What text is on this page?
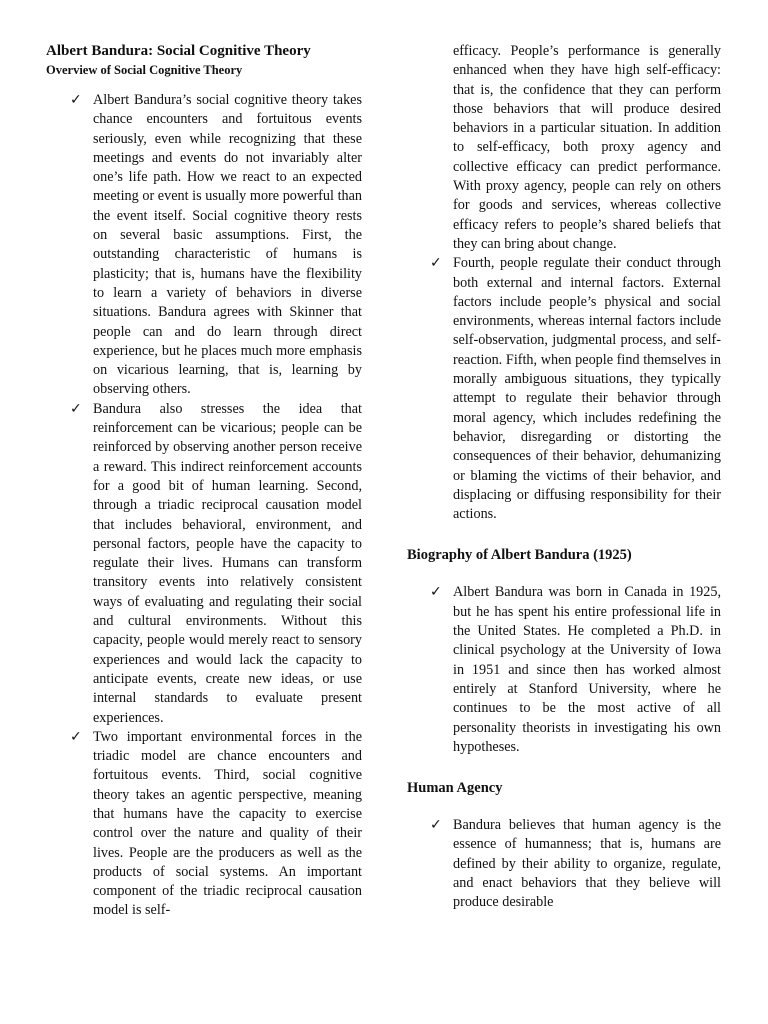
Albert Bandura: Social Cognitive Theory
Overview of Social Cognitive Theory
✓ Albert Bandura’s social cognitive theory takes chance encounters and fortuitous events seriously, even while recognizing that these meetings and events do not invariably alter one’s life path. How we react to an expected meeting or event is usually more powerful than the event itself. Social cognitive theory rests on several basic assumptions. First, the outstanding characteristic of humans is plasticity; that is, humans have the flexibility to learn a variety of behaviors in diverse situations. Bandura agrees with Skinner that people can and do learn through direct experience, but he places much more emphasis on vicarious learning, that is, learning by observing others.
✓ Bandura also stresses the idea that reinforcement can be vicarious; people can be reinforced by observing another person receive a reward. This indirect reinforcement accounts for a good bit of human learning. Second, through a triadic reciprocal causation model that includes behavioral, environment, and personal factors, people have the capacity to regulate their lives. Humans can transform transitory events into relatively consistent ways of evaluating and regulating their social and cultural environments. Without this capacity, people would merely react to sensory experiences and would lack the capacity to anticipate events, create new ideas, or use internal standards to evaluate present experiences.
✓ Two important environmental forces in the triadic model are chance encounters and fortuitous events. Third, social cognitive theory takes an agentic perspective, meaning that humans have the capacity to exercise control over the nature and quality of their lives. People are the producers as well as the products of social systems. An important component of the triadic reciprocal causation model is self-

efficacy. People’s performance is generally enhanced when they have high self-efficacy: that is, the confidence that they can perform those behaviors that will produce desired behaviors in a particular situation. In addition to self-efficacy, both proxy agency and collective efficacy can predict performance. With proxy agency, people can rely on others for goods and services, whereas collective efficacy refers to people’s shared beliefs that they can bring about change.

✓ Fourth, people regulate their conduct through both external and internal factors. External factors include people’s physical and social environments, whereas internal factors include self-observation, judgmental process, and self-reaction. Fifth, when people find themselves in morally ambiguous situations, they typically attempt to regulate their behavior through moral agency, which includes redefining the behavior, disregarding or distorting the consequences of their behavior, dehumanizing or blaming the victims of their behavior, and displacing or diffusing responsibility for their actions.
Biography of Albert Bandura (1925)
✓ Albert Bandura was born in Canada in 1925, but he has spent his entire professional life in the United States. He completed a Ph.D. in clinical psychology at the University of Iowa in 1951 and since then has worked almost entirely at Stanford University, where he continues to be the most active of all personality theorists in investigating his own hypotheses.
Human Agency
✓ Bandura believes that human agency is the essence of humanness; that is, humans are defined by their ability to organize, regulate, and enact behaviors that they believe will produce desirable
